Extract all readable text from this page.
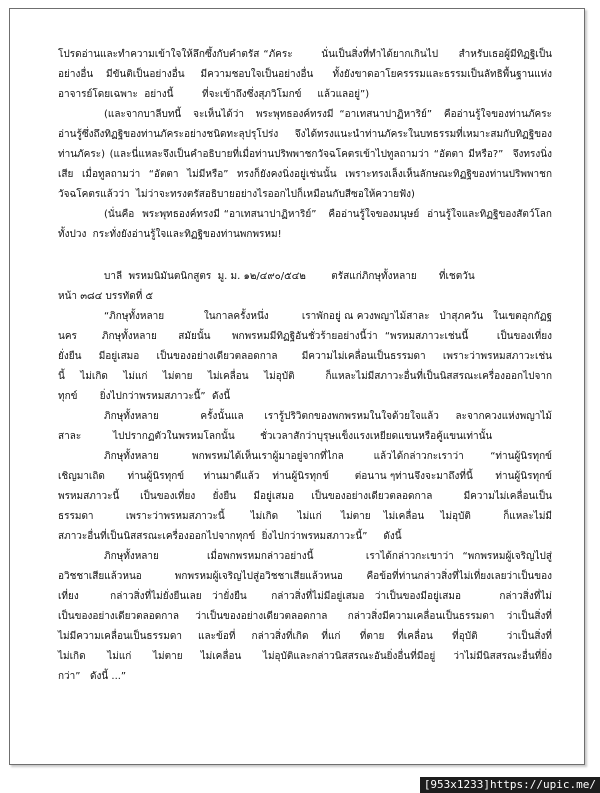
โปรดอ่านและทำความเข้าใจให้ลึกซึ้งกับคำตรัส “ภัคระ       นั่นเป็นสิ่งที่ทำได้ยากเกินไป     สำหรับเธอผู้มีทิฏฐิเป็นอย่างอื่น    มีขันติเป็นอย่างอื่น     มีความชอบใจเป็นอย่างอื่น      ทั้งยังขาดอาโยครรรมและธรรมเป็นลัทธิพื้นฐานแห่งอาจารย์โดยเฉพาะ  อย่างนี้         ที่จะเข้าถึงซึ่งสุภวิโมกข์     แล้วแลอยู่”)

(และจากบาลีบทนี้  จะเห็นได้ว่า  พระพุทธองค์ทรงมี “อาเทสนาปาฏิหาริย์”  คืออ่านรู้ใจของท่านภัคระ อ่านรู้ซึ่งถึงทิฏฐิของท่านภัคระอย่างชนิดทะลุปรุโปร่ง  จึงได้ทรงแนะนำท่านภัคระในบทธรรมที่เหมาะสมกับทิฏฐิของท่านภัคระ) (และนี่แหละจึงเป็นคำอธิบายที่เมื่อท่านปริพพาชกวัจฉโคตรเข้าไปทูลถามว่า “อัตตา มีหรือ?”  จึงทรงนิ่งเสีย  เมื่อทูลถามว่า  “อัตตา  ไม่มีหรือ”  ทรงก็ยังคงนิ่งอยู่เช่นนั้น  เพราะทรงเล็งเห็นลักษณะทิฏฐิของท่านปริพพาชกวัจฉโคตรแล้วว่า  ไม่ว่าจะทรงตรัสอธิบายอย่างไรออกไปก็เหมือนกับสีซอให้ควายฟัง)

(นั่นคือ  พระพุทธองค์ทรงมี “อาเทสนาปาฏิหาริย์”   คืออ่านรู้ใจของมนุษย์  อ่านรู้ใจและทิฏฐิของสัตว์โลกทั้งปวง  กระทั่งยังอ่านรู้ใจและทิฏฐิของท่านพกพรหม!

บาลี  พรหมนิมันตนิกสูตร  มู. ม. ๑๒/๔๙๐/๕๔๒        ตรัสแก่ภิกษุทั้งหลาย       ที่เชตวัน

หน้า ๓๘๔ บรรทัดที่ ๕

“ภิกษุทั้งหลาย            ในกาลครั้งหนึ่ง          เราพักอยู่ ณ ควงพญาไม้สาละ   ป่าสุภควัน   ในเขตอุกกัฏฐนคร       ภิกษุทั้งหลาย      สมัยนั้น      พกพรหมมีทิฏฐิอันชั่วร้ายอย่างนี้ว่า  “พรหมสภาวะเช่นนี้        เป็นของเที่ยง     ยั่งยืน     มีอยู่เสมอ     เป็นของอย่างเดียวตลอดกาล       มีความไม่เคลื่อนเป็นธรรมดา     เพราะว่าพรหมสภาวะเช่นนี้    ไม่เกิด    ไม่แก่    ไม่ตาย    ไม่เคลื่อน    ไม่อุบัติ        ก็แหละไม่มีสภาวะอื่นที่เป็นนิสสรณะเครื่องออกไปจากทุกข์       ยิ่งไปกว่าพรหมสภาวะนี้”  ดังนี้

ภิกษุทั้งหลาย          ครั้งนั้นแล     เรารู้ปริวิตกของพกพรหมในใจด้วยใจแล้ว    ละจากควงแห่งพญาไม้สาละ          ไปปรากฏตัวในพรหมโลกนั้น        ชั่วเวลาสักว่าบุรุษแข็งแรงเหยียดแขนหรือคู้แขนเท่านั้น

ภิกษุทั้งหลาย          พกพรหมได้เห็นเราผู้มาอยู่จากที่ไกล         แล้วได้กล่าวกะเราว่า        “ท่านผู้นิรทุกข์      เชิญมาเถิด       ท่านผู้นิรทุกข์      ท่านมาดีแล้ว    ท่านผู้นิรทุกข์        ต่อนาน ๆท่านจึงจะมาถึงที่นี้       ท่านผู้นิรทุกข์      พรหมสภาวะนี้      เป็นของเที่ยง     ยั่งยืน     มีอยู่เสมอ     เป็นของอย่างเดียวตลอดกาล         มีความไม่เคลื่อนเป็นธรรมดา          เพราะว่าพรหมสภาวะนี้        ไม่เกิด      ไม่แก่      ไม่ตาย    ไม่เคลื่อน     ไม่อุบัติ          ก็แหละไม่มีสภาวะอื่นที่เป็นนิสสรณะเครื่องออกไปจากทุกข์  ยิ่งไปกว่าพรหมสภาวะนี้”     ดังนี้

ภิกษุทั้งหลาย           เมื่อพกพรหมกล่าวอย่างนี้            เราได้กล่าวกะเขาว่า  “พกพรหมผู้เจริญไปสู่อวิชชาเสียแล้วหนอ       พกพรหมผู้เจริญไปสู่อวิชชาเสียแล้วหนอ     คือข้อที่ท่านกล่าวสิ่งที่ไม่เที่ยงเลยว่าเป็นของเที่ยง         กล่าวสิ่งที่ไม่ยั่งยืนเลย   ว่ายั่งยืน       กล่าวสิ่งที่ไม่มีอยู่เสมอ   ว่าเป็นของมีอยู่เสมอ           กล่าวสิ่งที่ไม่เป็นของอย่างเดียวตลอดกาล    ว่าเป็นของอย่างเดียวตลอดกาล     กล่าวสิ่งมีความเคลื่อนเป็นธรรมดา   ว่าเป็นสิ่งที่ไม่มีความเคลื่อนเป็นธรรมดา     และข้อที่     กล่าวสิ่งที่เกิด    ที่แก่      ที่ตาย    ที่เคลื่อน      ที่อุบัติ         ว่าเป็นสิ่งที่ไม่เกิด      ไม่แก่      ไม่ตาย     ไม่เคลื่อน      ไม่อุบัติและกล่าวนิสสรณะอันยิ่งอื่นที่มีอยู่     ว่าไม่มีนิสสรณะอื่นที่ยิ่งกว่า”   ดังนี้ ...”

[953x1233]https://upic.me/
